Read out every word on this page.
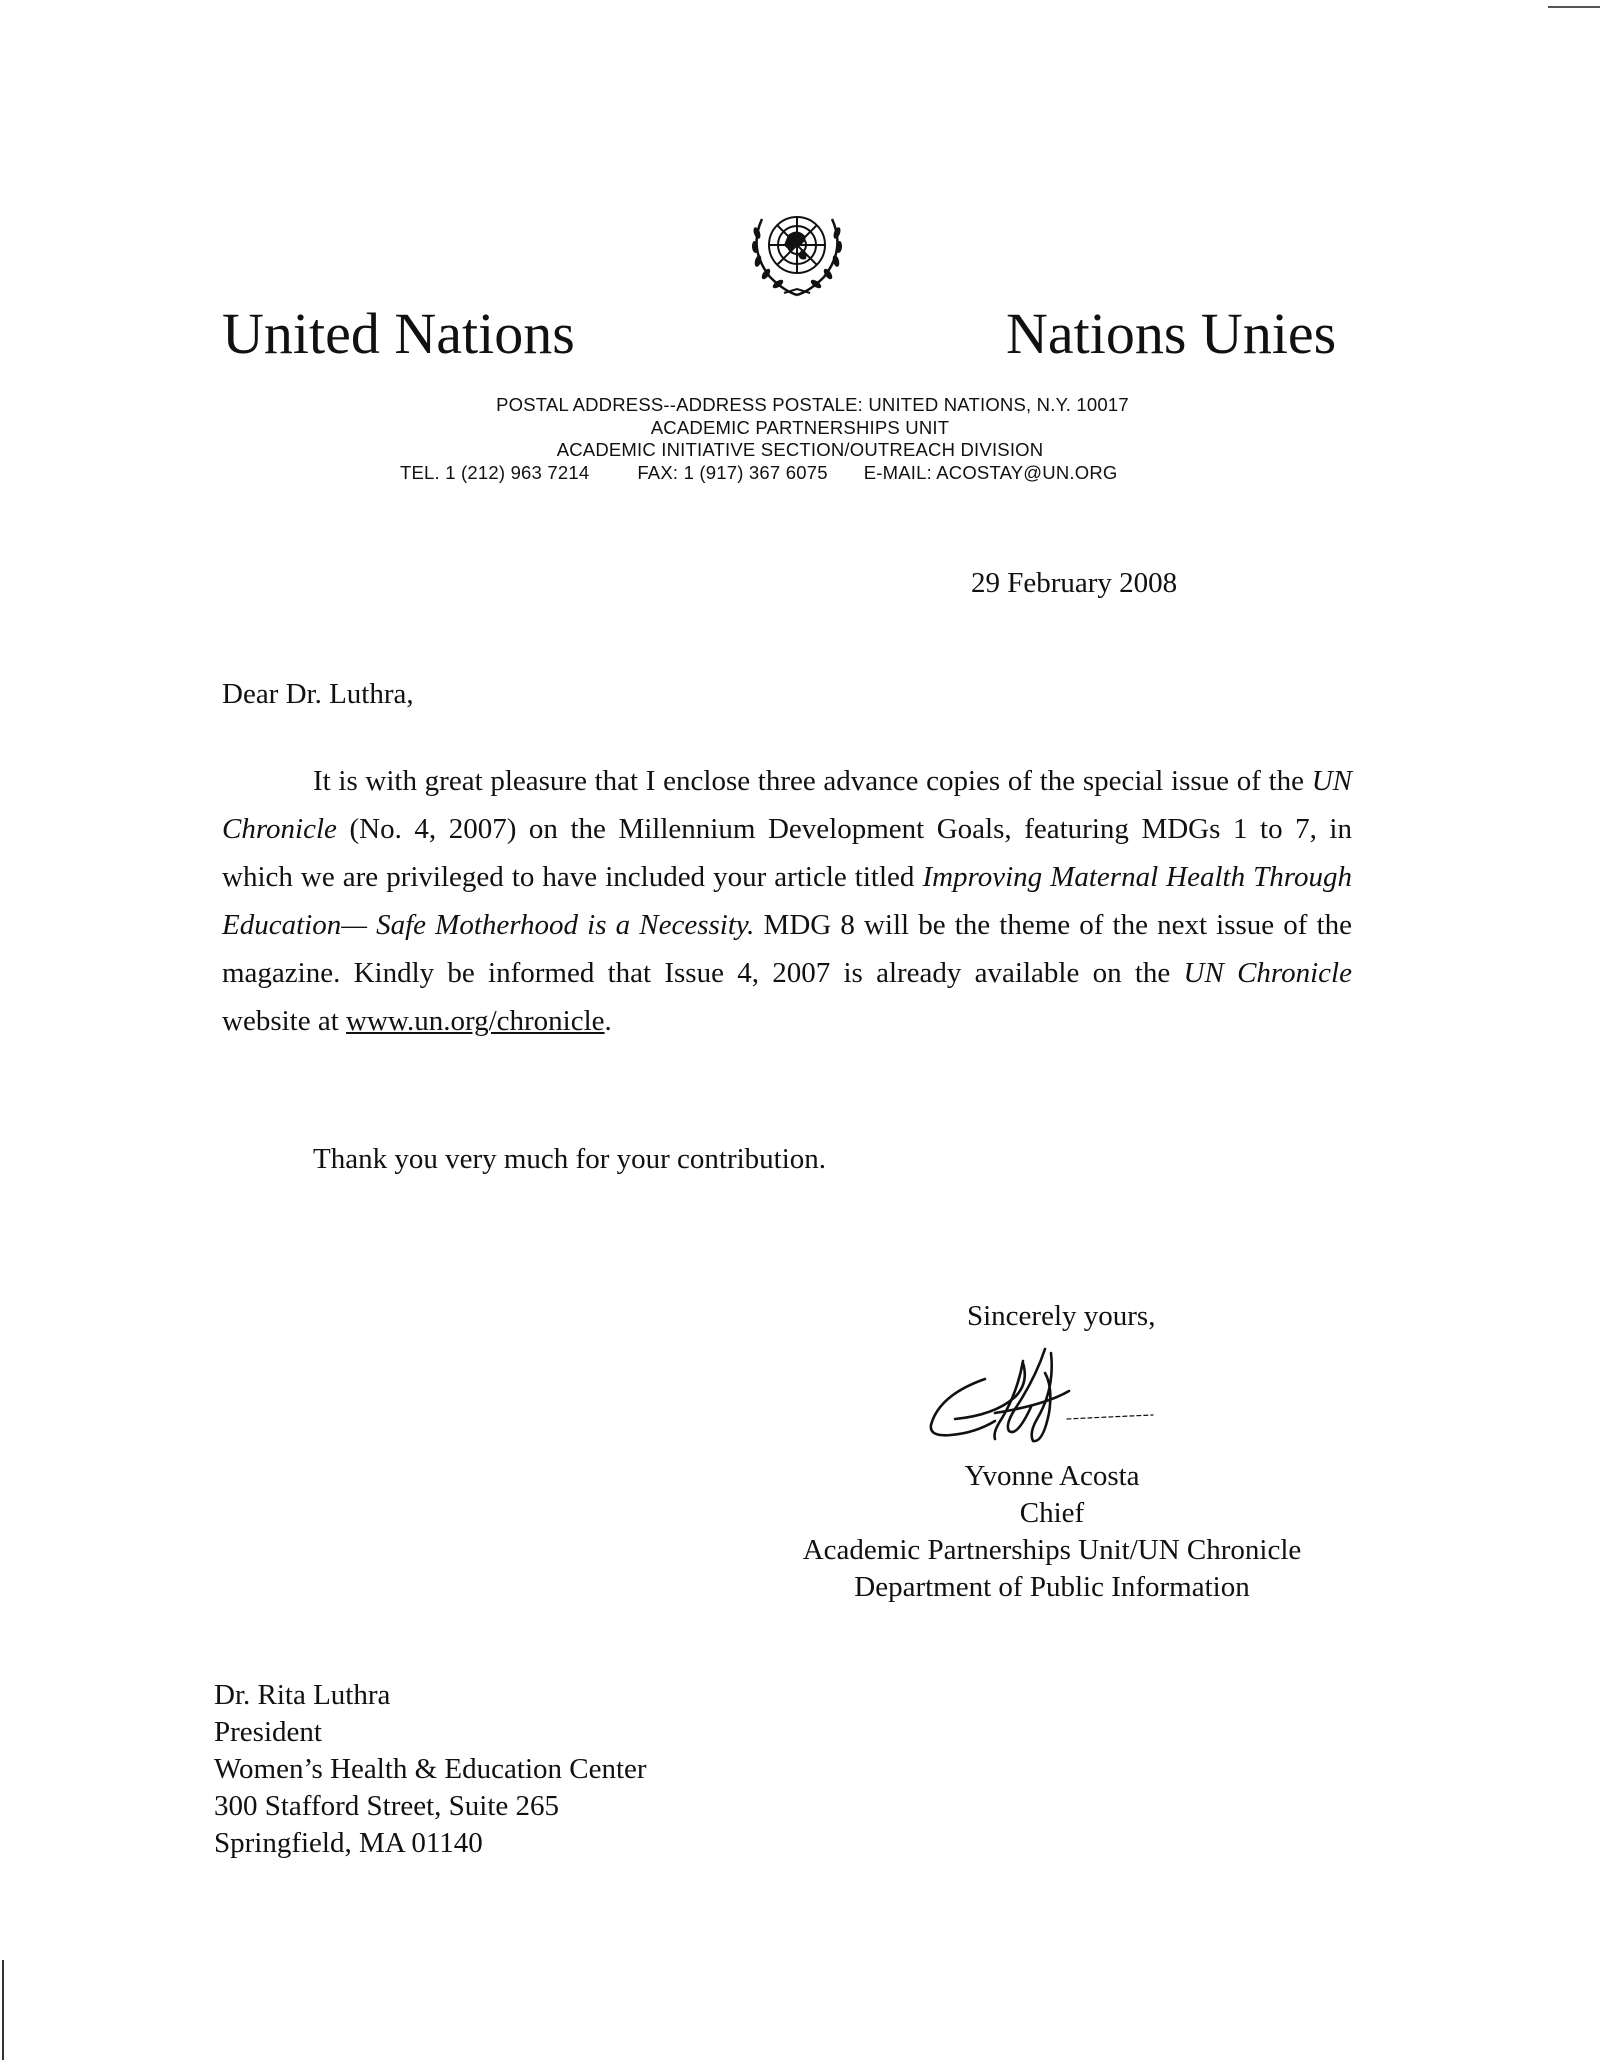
United Nations	Nations Unies
POSTAL ADDRESS--ADDRESS POSTALE: UNITED NATIONS, N.Y. 10017
ACADEMIC PARTNERSHIPS UNIT
ACADEMIC INITIATIVE SECTION/OUTREACH DIVISION
TEL. 1 (212) 963 7214	FAX: 1 (917) 367 6075 E-MAIL: ACOSTAY@UN.ORG
29 February 2008
Dear Dr. Luthra,

It is with great pleasure that I enclose three advance copies of the special issue of the UN Chronicle (No. 4, 2007) on the Millennium Development Goals, featuring MDGs 1 to 7, in which we are privileged to have included your article titled Improving Maternal Health Through Education— Safe Motherhood is a Necessity. MDG 8 will be the theme of the next issue of the magazine. Kindly be informed that Issue 4, 2007 is already available on the UN Chronicle website at www.un.org/chronicle.

Thank you very much for your contribution.
Sincerely yours,
Yvonne Acosta
Chief
Academic Partnerships Unit/UN Chronicle
Department of Public Information
Dr. Rita Luthra
President
Women’s Health & Education Center
300 Stafford Street, Suite 265
Springfield, MA 01140
